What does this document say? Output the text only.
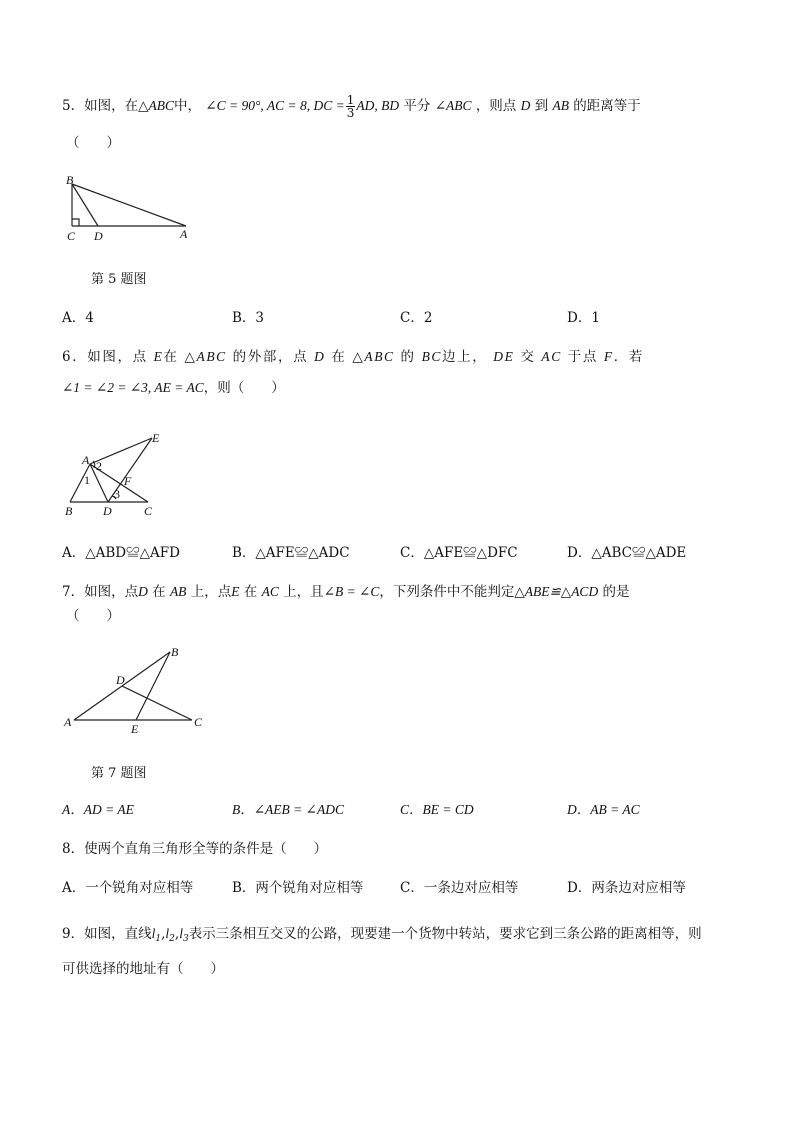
5．如图，在△ABC中， ∠C = 90°, AC = 8, DC = $\frac{1}{3}$ AD, BD 平分 ∠ABC ，则点 D 到 AB 的距离等于
（　　）
B
C D	A
第 5 题图
A．4	B．3	C．2	D．1
6．如图，点 E在 △ABC 的外部，点 D 在 △ABC 的 BC边上， DE 交 AC 于点 F．若
∠1 = ∠2 = ∠3, AE = AC，则（　　）
A
E
B	D	C
F
1
2
3
A．△ABD≌△AFD	B．△AFE≌△ADC	C．△AFE≌△DFC	D．△ABC≌△ADE
7．如图，点D 在 AB 上，点E 在 AC 上，且∠B = ∠C，下列条件中不能判定△ABE≌△ACD 的是
（　　）
A
B
C
D
E
第 7 题图
A．AD = AE	B．∠AEB = ∠ADC	C．BE = CD	D．AB = AC
8．使两个直角三角形全等的条件是（　　）
A．一个锐角对应相等	B．两个锐角对应相等	C．一条边对应相等	D．两条边对应相等
9．如图，直线$l_1,l_2,l_3$表示三条相互交叉的公路，现要建一个货物中转站，要求它到三条公路的距离相等，则
可供选择的地址有（　　）
